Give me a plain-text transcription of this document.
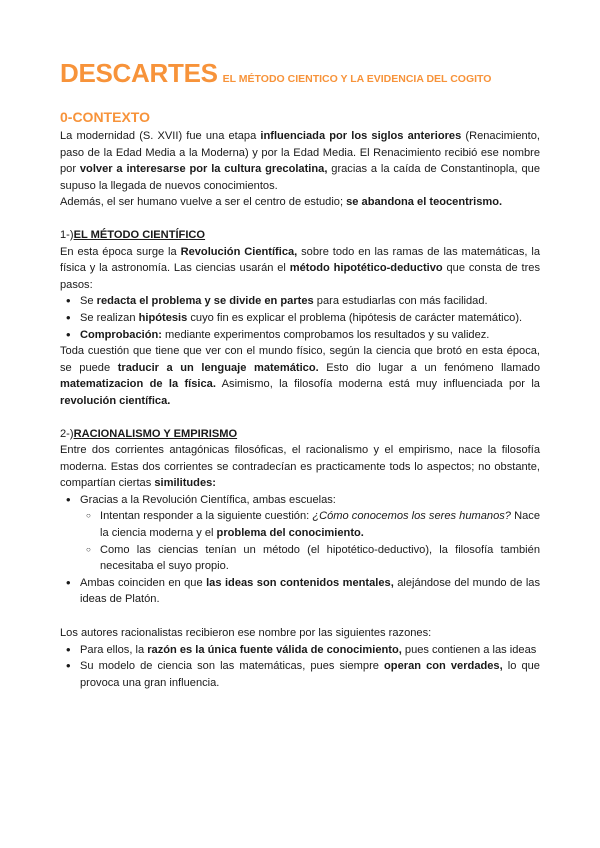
DESCARTES EL MÉTODO CIENTICO Y LA EVIDENCIA DEL COGITO
0-CONTEXTO

La modernidad (S. XVII) fue una etapa influenciada por los siglos anteriores (Renacimiento, paso de la Edad Media a la Moderna) y por la Edad Media. El Renacimiento recibió ese nombre por volver a interesarse por la cultura grecolatina, gracias a la caída de Constantinopla, que supuso la llegada de nuevos conocimientos.

Además, el ser humano vuelve a ser el centro de estudio; se abandona el teocentrismo.

1-)EL MÉTODO CIENTÍFICO

En esta época surge la Revolución Científica, sobre todo en las ramas de las matemáticas, la física y la astronomía. Las ciencias usarán el método hipotético-deductivo que consta de tres pasos:

• Se redacta el problema y se divide en partes para estudiarlas con más facilidad.
• Se realizan hipótesis cuyo fin es explicar el problema (hipótesis de carácter matemático).
• Comprobación: mediante experimentos comprobamos los resultados y su validez.

Toda cuestión que tiene que ver con el mundo físico, según la ciencia que brotó en esta época, se puede traducir a un lenguaje matemático. Esto dio lugar a un fenómeno llamado matematizacion de la física. Asimismo, la filosofía moderna está muy influenciada por la revolución científica.

2-)RACIONALISMO Y EMPIRISMO

Entre dos corrientes antagónicas filosóficas, el racionalismo y el empirismo, nace la filosofía moderna. Estas dos corrientes se contradecían es practicamente tods lo aspectos; no obstante, compartían ciertas similitudes:

• Gracias a la Revolución Científica, ambas escuelas:
○ Intentan responder a la siguiente cuestión: ¿Cómo conocemos los seres humanos? Nace la ciencia moderna y el problema del conocimiento.
○ Como las ciencias tenían un método (el hipotético-deductivo), la filosofía también necesitaba el suyo propio.
• Ambas coinciden en que las ideas son contenidos mentales, alejándose del mundo de las ideas de Platón.

Los autores racionalistas recibieron ese nombre por las siguientes razones:

• Para ellos, la razón es la única fuente válida de conocimiento, pues contienen a las ideas
• Su modelo de ciencia son las matemáticas, pues siempre operan con verdades, lo que provoca una gran influencia.
